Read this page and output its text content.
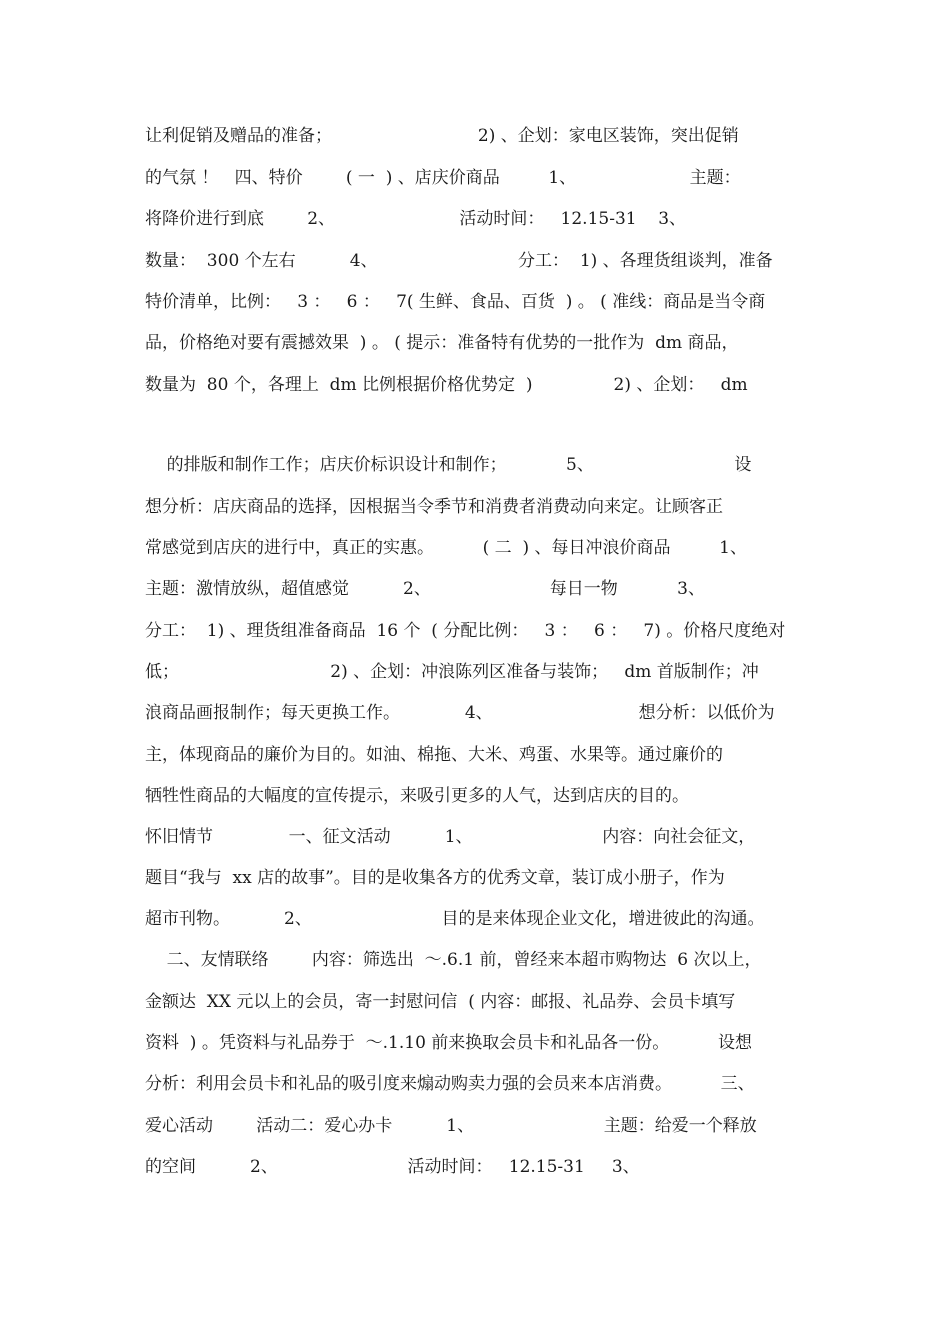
让利促销及赠品的准备；                           2) 、企划：家电区装饰，突出促销
的气氛 ！   四、特价        ( 一  ) 、店庆价商品         1、                     主题：
将降价进行到底        2、                       活动时间：   12.15-31    3、
数量：  300 个左右          4、                          分工：  1) 、各理货组谈判，准备
特价清单，比例：   3 ：   6 ：   7( 生鲜、食品、百货  ) 。 ( 准线：商品是当令商
品，价格绝对要有震撼效果  ) 。 ( 提示：准备特有优势的一批作为  dm 商品，
数量为  80 个，各理上  dm 比例根据价格优势定  )               2) 、企划：   dm
的排版和制作工作；店庆价标识设计和制作；           5、                          设
想分析：店庆商品的选择，因根据当令季节和消费者消费动向来定。让顾客正
常感觉到店庆的进行中，真正的实惠。         ( 二  ) 、每日冲浪价商品         1、
主题：激情放纵，超值感觉          2、                      每日一物           3、
分工：  1) 、理货组准备商品  16 个  ( 分配比例：   3 ：   6 ：   7) 。价格尺度绝对
低；                            2) 、企划：冲浪陈列区准备与装饰；   dm 首版制作；冲
浪商品画报制作；每天更换工作。            4、                           想分析：以低价为
主，体现商品的廉价为目的。如油、棉拖、大米、鸡蛋、水果等。通过廉价的
牺牲性商品的大幅度的宣传提示，来吸引更多的人气，达到店庆的目的。
怀旧情节              一、征文活动          1、                        内容：向社会征文，
题目“我与  xx 店的故事”。目的是收集各方的优秀文章，装订成小册子，作为
超市刊物。          2、                        目的是来体现企业文化，增进彼此的沟通。
二、友情联络        内容：筛选出  ～.6.1 前，曾经来本超市购物达  6 次以上，
金额达  XX 元以上的会员，寄一封慰问信  ( 内容：邮报、礼品券、会员卡填写
资料  ) 。凭资料与礼品券于  ～.1.10 前来换取会员卡和礼品各一份。         设想
分析：利用会员卡和礼品的吸引度来煽动购卖力强的会员来本店消费。         三、
爱心活动        活动二：爱心办卡          1、                        主题：给爱一个释放
的空间          2、                        活动时间：   12.15-31     3、
